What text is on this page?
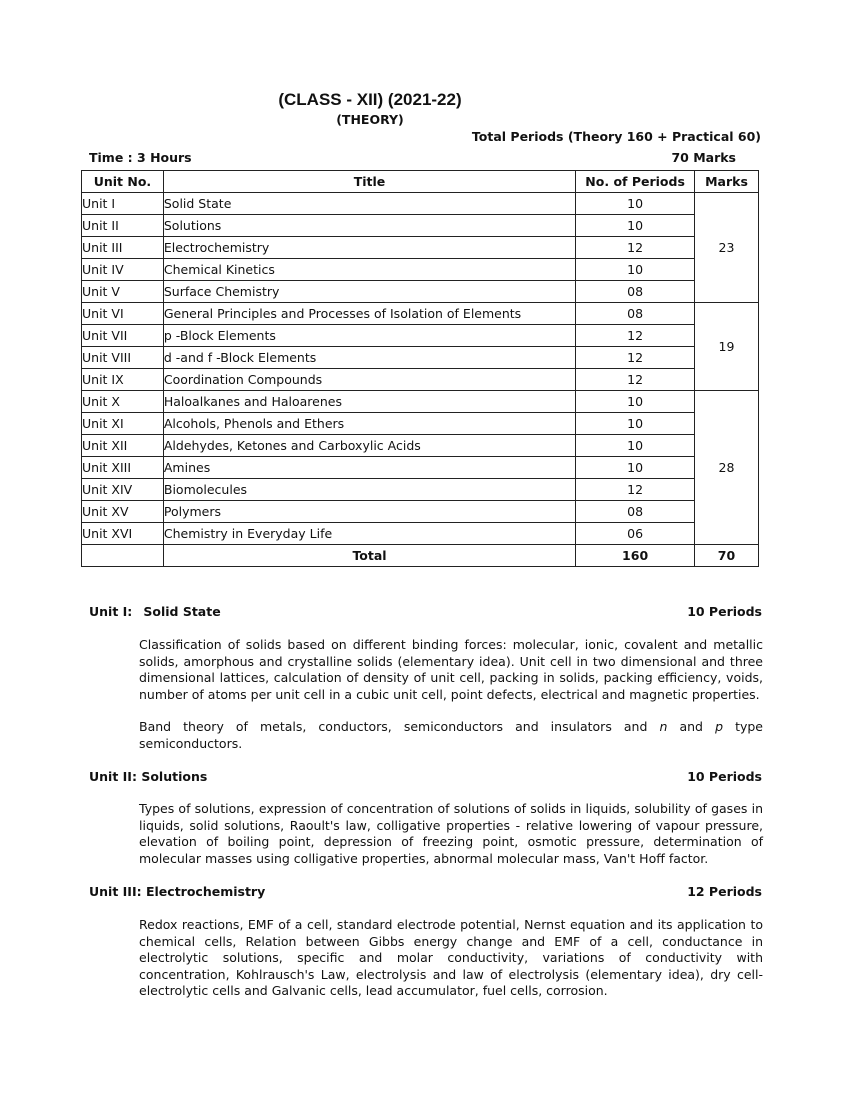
(CLASS - XII) (2021-22)
(THEORY)
Total Periods (Theory 160 + Practical 60)
Time : 3 Hours	70 Marks
Unit No.	Title	No. of Periods	Marks
Unit I	Solid State	10	23
Unit II	Solutions	10	
Unit III	Electrochemistry	12	
Unit IV	Chemical Kinetics	10	
Unit V	Surface Chemistry	08	
Unit VI	General Principles and Processes of Isolation of Elements	08	19
Unit VII	p -Block Elements	12	
Unit VIII	d -and f -Block Elements	12	
Unit IX	Coordination Compounds	12	
Unit X	Haloalkanes and Haloarenes	10	28
Unit XI	Alcohols, Phenols and Ethers	10	
Unit XII	Aldehydes, Ketones and Carboxylic Acids	10	
Unit XIII	Amines	10	
Unit XIV	Biomolecules	12	
Unit XV	Polymers	08	
Unit XVI	Chemistry in Everyday Life	06	
	Total	160	70
Unit I: Solid State	10 Periods

Classification of solids based on different binding forces: molecular, ionic, covalent and metallic solids, amorphous and crystalline solids (elementary idea). Unit cell in two dimensional and three dimensional lattices, calculation of density of unit cell, packing in solids, packing efficiency, voids, number of atoms per unit cell in a cubic unit cell, point defects, electrical and magnetic properties.

Band theory of metals, conductors, semiconductors and insulators and n and p type semiconductors.

Unit II: Solutions	10 Periods

Types of solutions, expression of concentration of solutions of solids in liquids, solubility of gases in liquids, solid solutions, Raoult's law, colligative properties - relative lowering of vapour pressure, elevation of boiling point, depression of freezing point, osmotic pressure, determination of molecular masses using colligative properties, abnormal molecular mass, Van't Hoff factor.

Unit III: Electrochemistry	12 Periods

Redox reactions, EMF of a cell, standard electrode potential, Nernst equation and its application to chemical cells, Relation between Gibbs energy change and EMF of a cell, conductance in electrolytic solutions, specific and molar conductivity, variations of conductivity with concentration, Kohlrausch's Law, electrolysis and law of electrolysis (elementary idea), dry cell-electrolytic cells and Galvanic cells, lead accumulator, fuel cells, corrosion.
